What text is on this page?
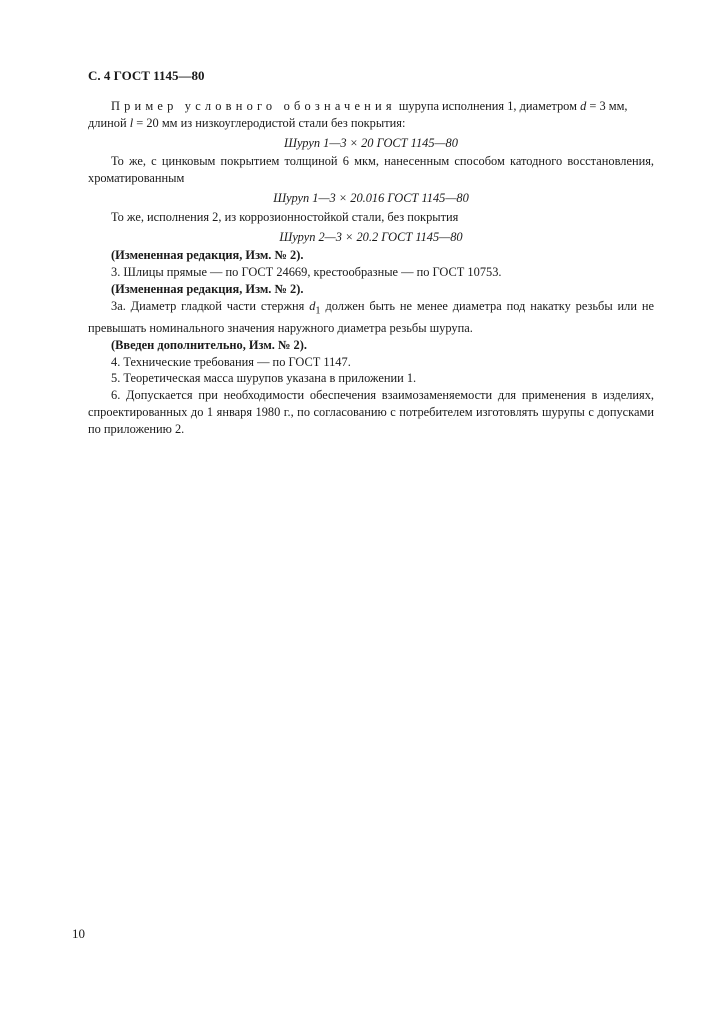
С. 4 ГОСТ 1145—80

Пример условного обозначения шурупа исполнения 1, диаметром d = 3 мм,

длиной l = 20 мм из низкоуглеродистой стали без покрытия:

Шуруп 1—3 × 20 ГОСТ 1145—80

То же, с цинковым покрытием толщиной 6 мкм, нанесенным способом катодного восстановления, хроматированным

Шуруп 1—3 × 20.016 ГОСТ 1145—80

То же, исполнения 2, из коррозионностойкой стали, без покрытия

Шуруп 2—3 × 20.2 ГОСТ 1145—80

(Измененная редакция, Изм. № 2).

3. Шлицы прямые — по ГОСТ 24669, крестообразные — по ГОСТ 10753.

(Измененная редакция, Изм. № 2).

3а. Диаметр гладкой части стержня $d_1$ должен быть не менее диаметра под накатку резьбы или не превышать номинального значения наружного диаметра резьбы шурупа.

(Введен дополнительно, Изм. № 2).

4. Технические требования — по ГОСТ 1147.

5. Теоретическая масса шурупов указана в приложении 1.

6. Допускается при необходимости обеспечения взаимозаменяемости для применения в изделиях, спроектированных до 1 января 1980 г., по согласованию с потребителем изготовлять шурупы с допусками по приложению 2.

10
